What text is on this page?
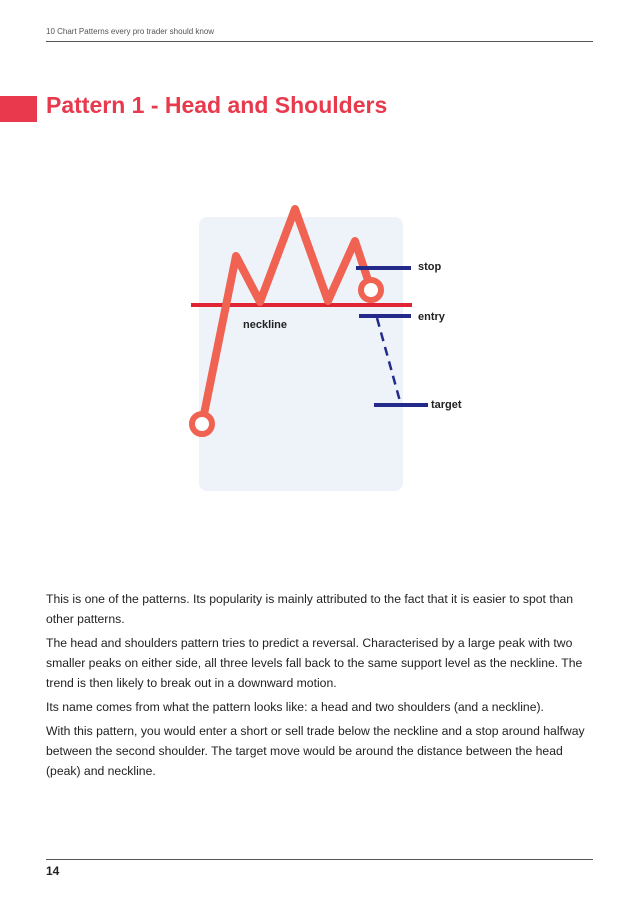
10 Chart Patterns every pro trader should know
Pattern 1 - Head and Shoulders
stop
entry
target
neckline

This is one of the patterns. Its popularity is mainly attributed to the fact that it is easier to spot than other patterns.

The head and shoulders pattern tries to predict a reversal. Characterised by a large peak with two smaller peaks on either side, all three levels fall back to the same support level as the neckline. The trend is then likely to break out in a downward motion.

Its name comes from what the pattern looks like: a head and two shoulders (and a neckline).

With this pattern, you would enter a short or sell trade below the neckline and a stop around halfway between the second shoulder. The target move would be around the distance between the head (peak) and neckline.

14
